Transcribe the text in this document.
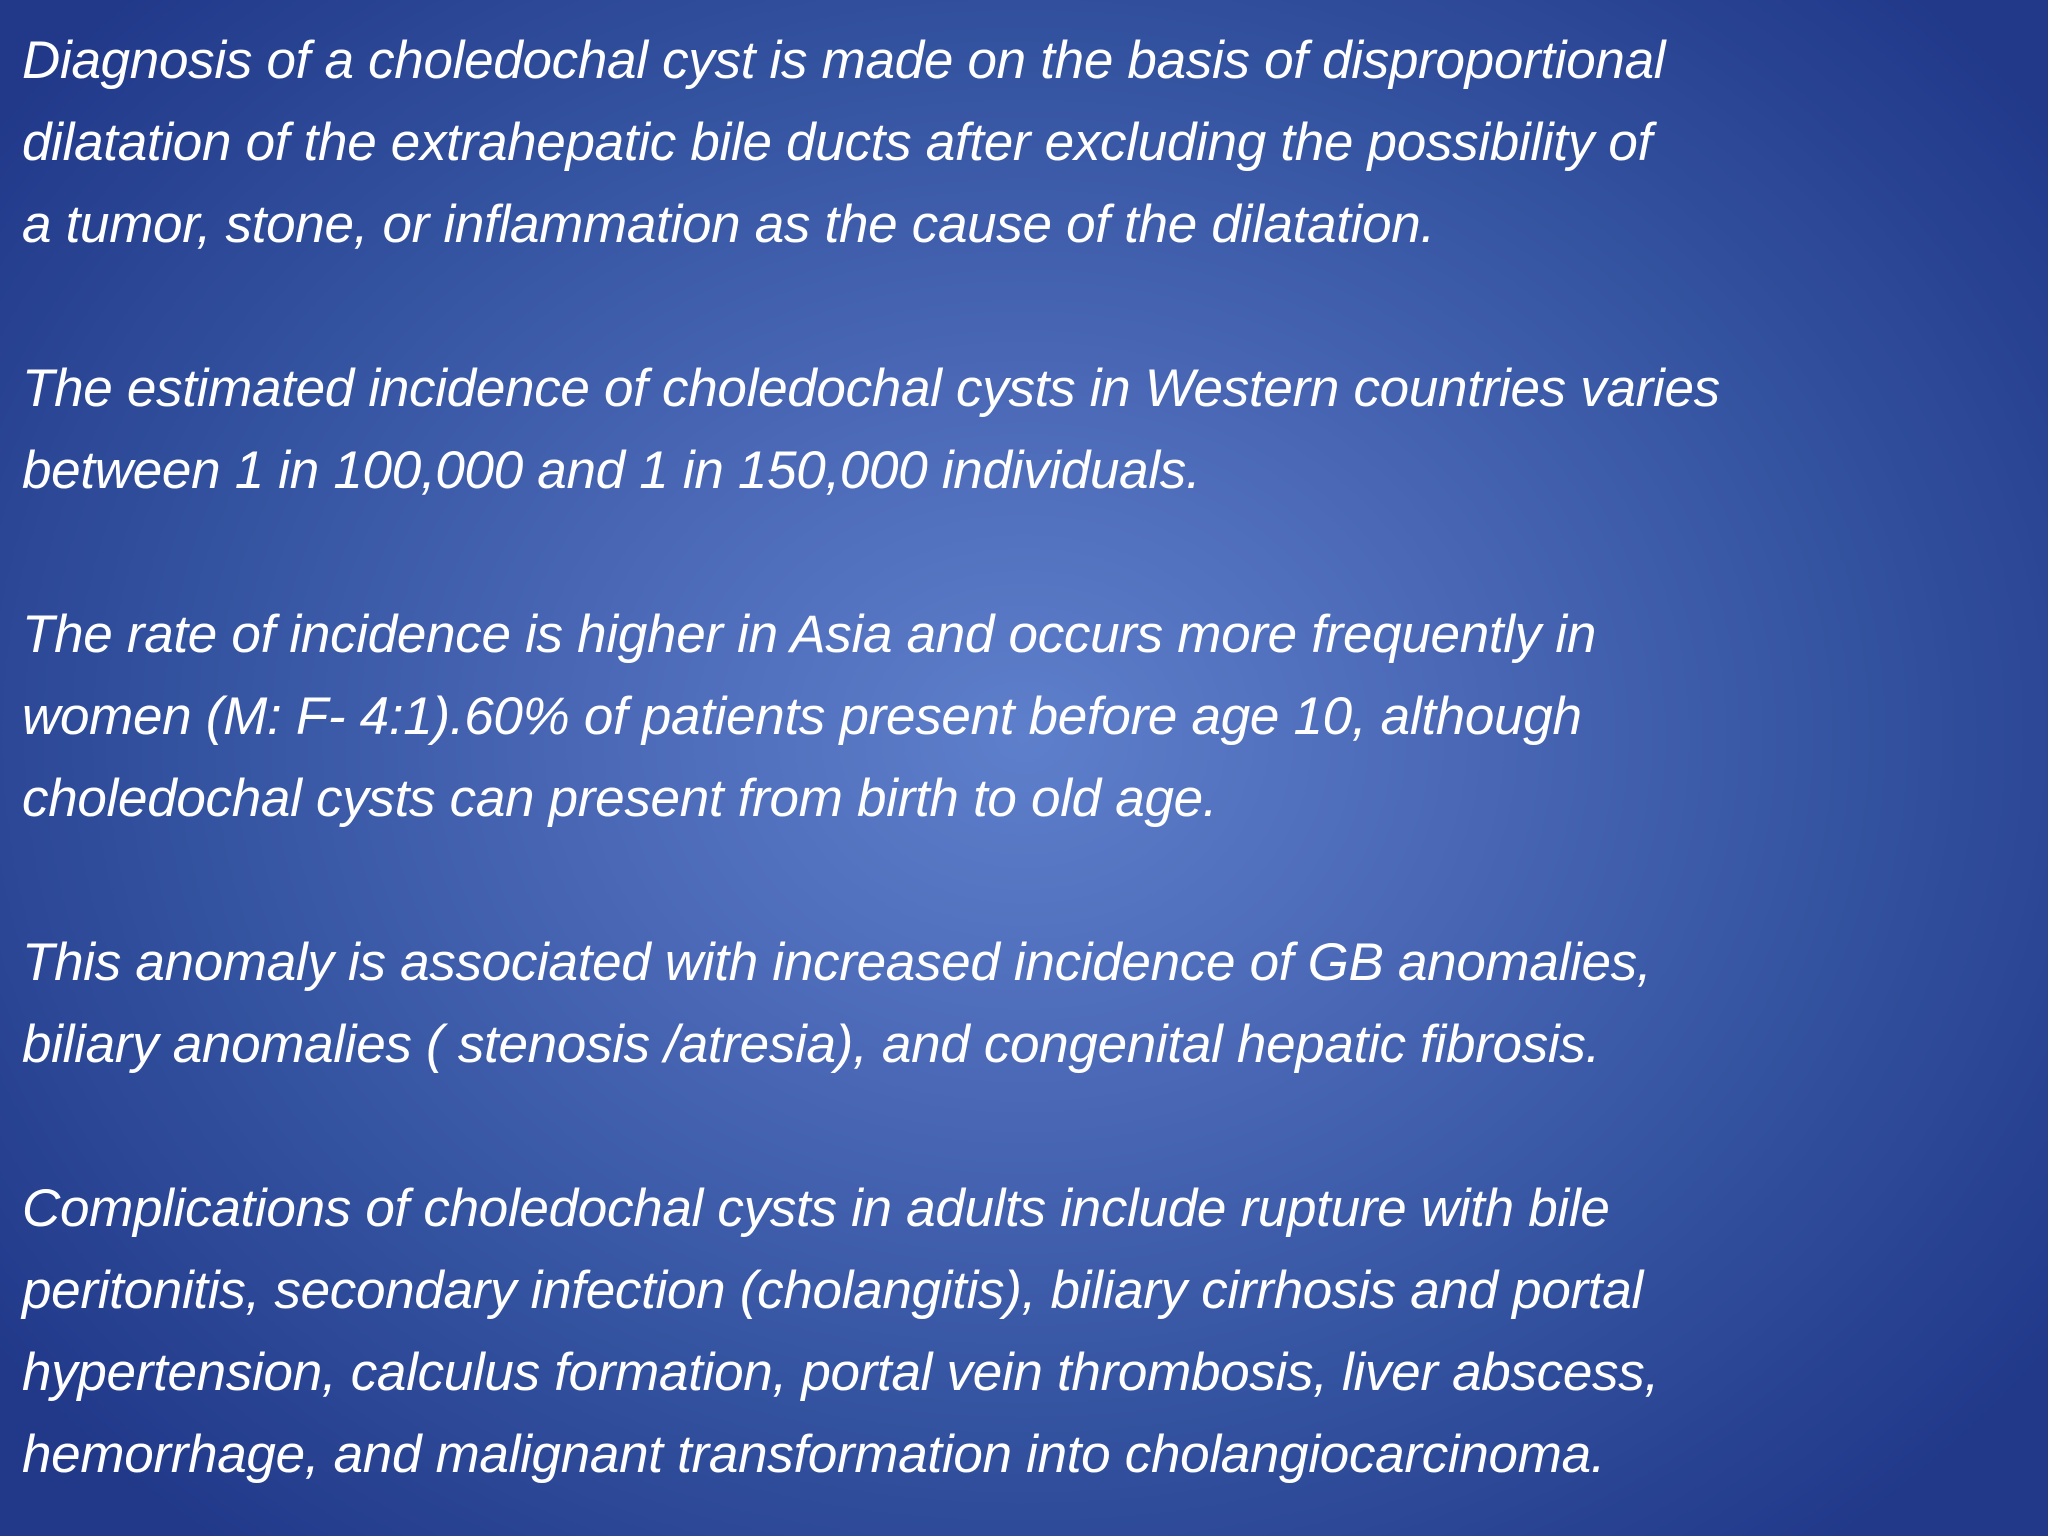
Diagnosis of a choledochal cyst is made on the basis of disproportional
dilatation of the extrahepatic bile ducts after excluding the possibility of
a tumor, stone, or inflammation as the cause of the dilatation.

The estimated incidence of choledochal cysts in Western countries varies
between 1 in 100,000 and 1 in 150,000 individuals.

The rate of incidence is higher in Asia and occurs more frequently in
women (M: F- 4:1).60% of patients present before age 10, although
choledochal cysts can present from birth to old age.

This anomaly is associated with increased incidence of GB anomalies,
biliary anomalies ( stenosis /atresia), and congenital hepatic fibrosis.

Complications of choledochal cysts in adults include rupture with bile
peritonitis, secondary infection (cholangitis), biliary cirrhosis and portal
hypertension, calculus formation, portal vein thrombosis, liver abscess,
hemorrhage, and malignant transformation into cholangiocarcinoma.
